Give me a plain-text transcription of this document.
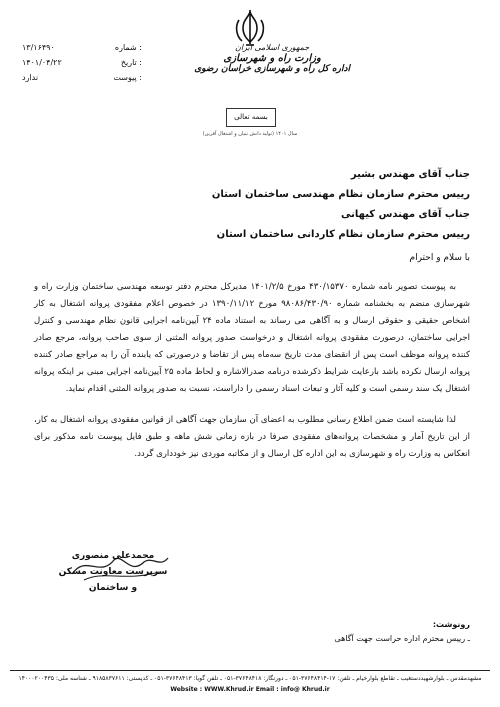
جمهوری اسلامی ایران
وزارت راه و شهرسازی
اداره کل راه و شهرسازی خراسان رضوی
شماره :
۱۳/۱۶۴۹۰
تاریخ :
۱۴۰۱/۰۴/۲۲
پیوست :
ندارد
بسمه تعالی
سال ۱۴۰۱ (تولید دانش بنیان و اشتغال آفرین)
جناب آقای مهندس بشیر
رییس محترم سازمان نظام مهندسی ساختمان استان
جناب آقای مهندس کیهانی
رییس محترم سازمان نظام کاردانی ساختمان استان
با سلام و احترام
به پیوست تصویر نامه شماره ۴۳۰/۱۵۳۷۰ مورخ ۱۴۰۱/۲/۵ مدیرکل محترم دفتر توسعه مهندسی ساختمان وزارت راه و شهرسازی منضم به بخشنامه شماره ۹۸۰۸۶/۴۳۰/۹۰ مورخ ۱۳۹۰/۱۱/۱۲ در خصوص اعلام مفقودی پروانه اشتغال به کار اشخاص حقیقی و حقوقی ارسال و به آگاهی می رساند به استناد ماده ۲۴ آیین‌نامه اجرایی قانون نظام مهندسی و کنترل اجرایی ساختمان، درصورت مفقودی پروانه اشتغال و درخواست صدور پروانه المثنی از سوی صاحب پروانه، مرجع صادر کننده پروانه موظف است پس از انقضای مدت تاریخ سه‌ماه پس از تقاضا و درصورتی که یابنده آن را به مراجع صادر کننده پروانه ارسال نکرده باشد بارعایت شرایط ذکرشده درنامه صدرالاشاره و لحاظ ماده ۲۵ آیین‌نامه اجرایی مبنی بر اینکه پروانه اشتغال یک سند رسمی است و کلیه آثار و تبعات اسناد رسمی را داراست، نسبت به صدور پروانه المثنی اقدام نماید.
لذا شایسته است ضمن اطلاع رسانی مطلوب به اعضای آن سازمان جهت آگاهی از قوانین مفقودی پروانه اشتغال به کار، از این تاریخ آمار و مشخصات پروانه‌های مفقودی صرفا در بازه زمانی شش ماهه و طبق فایل پیوست نامه مذکور برای انعکاس به وزارت راه و شهرسازی به این اداره کل ارسال و از مکاتبه موردی نیز خودداری گردد.
محمدعلی منصوری
سرپرست معاونت مسکن و ساختمان
رونوشت:
ـ رییس محترم اداره حراست جهت آگاهی
مشهدمقدس ـ بلوارشهیددستغیب ـ تقاطع بلوارخیام ـ تلفن: ۱۷-۳۷۶۴۸۴۱۴-۰۵۱ ـ دورنگار: ۳۷۶۴۸۴۱۸-۰۵۱ ـ تلفن گویا: ۳۷۶۴۸۴۱۳-۰۵۱ ـ کدپستی: ۹۱۸۵۸۳۷۶۱۱ ـ شناسه ملی: ۱۴۰۰۰۲۰۰۴۳۵
Website : WWW.Khrud.ir Email : info@ Khrud.ir
